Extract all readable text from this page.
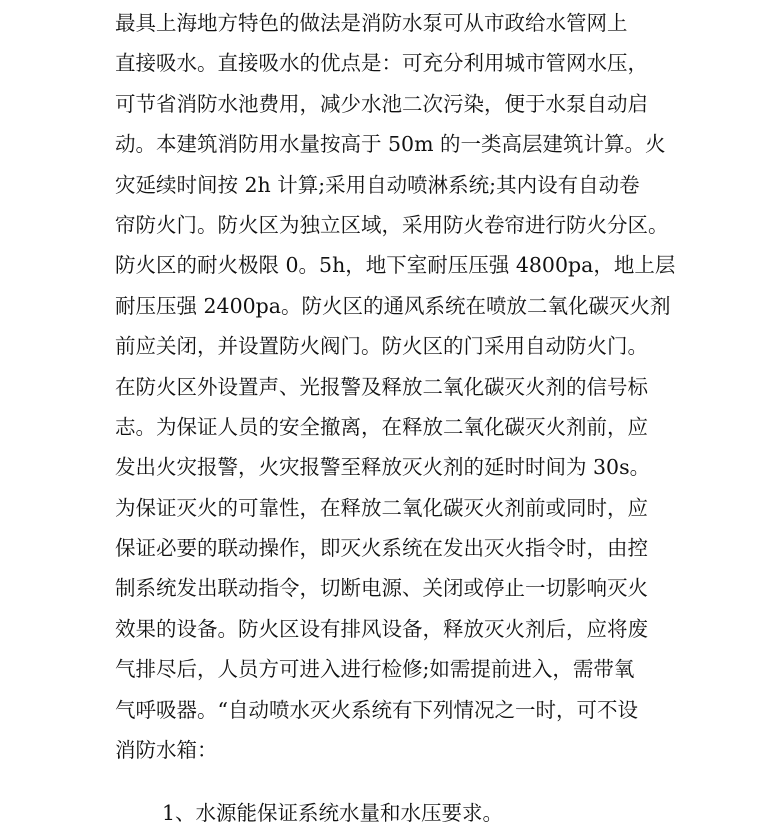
最具上海地方特色的做法是消防水泵可从市政给水管网上
直接吸水。直接吸水的优点是：可充分利用城市管网水压，
可节省消防水池费用，减少水池二次污染，便于水泵自动启
动。本建筑消防用水量按高于 50m 的一类高层建筑计算。火
灾延续时间按 2h 计算;采用自动喷淋系统;其内设有自动卷
帘防火门。防火区为独立区域，采用防火卷帘进行防火分区。
防火区的耐火极限 0。5h，地下室耐压压强 4800pa，地上层
耐压压强 2400pa。防火区的通风系统在喷放二氧化碳灭火剂
前应关闭，并设置防火阀门。防火区的门采用自动防火门。
在防火区外设置声、光报警及释放二氧化碳灭火剂的信号标
志。为保证人员的安全撤离，在释放二氧化碳灭火剂前，应
发出火灾报警，火灾报警至释放灭火剂的延时时间为 30s。
为保证灭火的可靠性，在释放二氧化碳灭火剂前或同时，应
保证必要的联动操作，即灭火系统在发出灭火指令时，由控
制系统发出联动指令，切断电源、关闭或停止一切影响灭火
效果的设备。防火区设有排风设备，释放灭火剂后，应将废
气排尽后，人员方可进入进行检修;如需提前进入，需带氧
气呼吸器。“自动喷水灭火系统有下列情况之一时，可不设
消防水箱：
1、水源能保证系统水量和水压要求。
